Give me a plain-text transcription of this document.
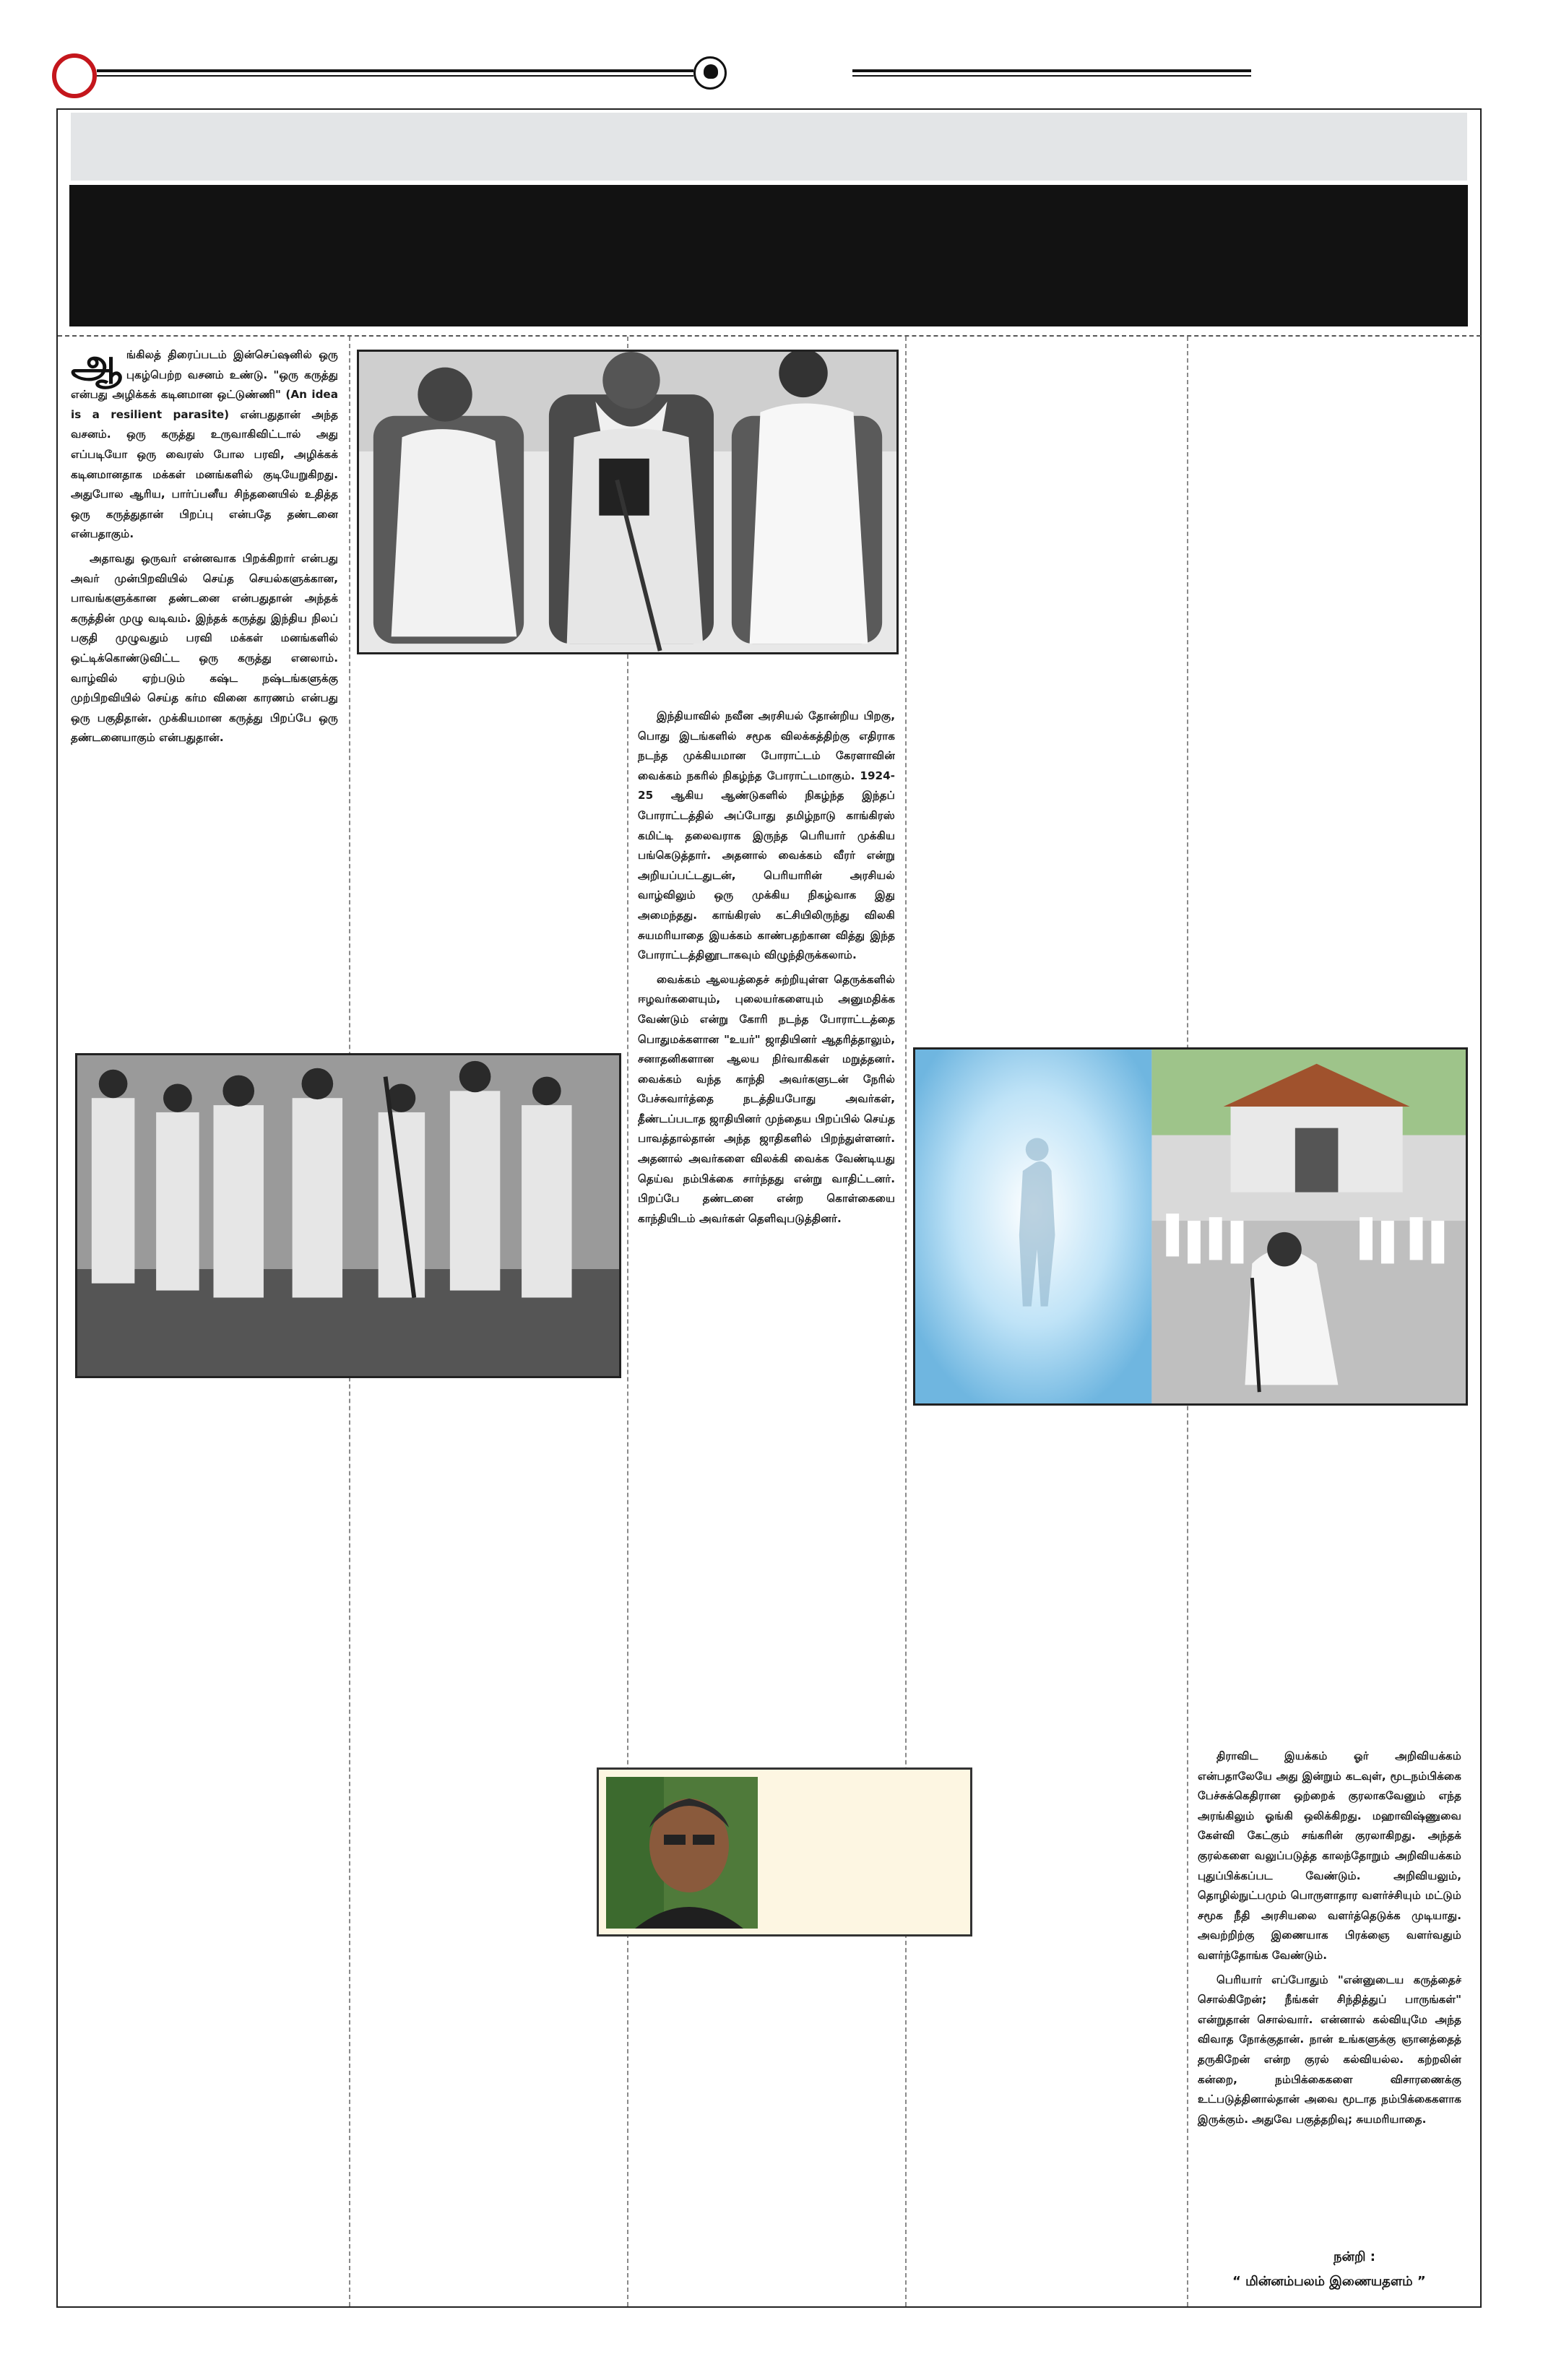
ஆ ங்கிலத் திரைப்படம் இன்செப்ஷனில் ஒரு புகழ்பெற்ற வசனம் உண்டு. "ஒரு கருத்து என்பது அழிக்கக் கடினமான ஒட்டுண்ணி" (An idea is a resilient parasite) என்பதுதான் அந்த வசனம். ஒரு கருத்து உருவாகிவிட்டால் அது எப்படியோ ஒரு வைரஸ் போல பரவி, அழிக்கக் கடினமானதாக மக்கள் மனங்களில் குடியேறுகிறது. அதுபோல ஆரிய, பார்ப்பனீய சிந்தனையில் உதித்த ஒரு கருத்துதான் பிறப்பு என்பதே தண்டனை என்பதாகும்.

அதாவது ஒருவர் என்னவாக பிறக்கிறார் என்பது அவர் முன்பிறவியில் செய்த செயல்களுக்கான, பாவங்களுக்கான தண்டனை என்பதுதான் அந்தக் கருத்தின் முழு வடிவம். இந்தக் கருத்து இந்திய நிலப் பகுதி முழுவதும் பரவி மக்கள் மனங்களில் ஒட்டிக்கொண்டுவிட்ட ஒரு கருத்து எனலாம். வாழ்வில் ஏற்படும் கஷ்ட நஷ்டங்களுக்கு முற்பிறவியில் செய்த கர்ம வினை காரணம் என்பது ஒரு பகுதிதான். முக்கியமான கருத்து பிறப்பே ஒரு தண்டனையாகும் என்பதுதான்.

இந்தியாவில் நவீன அரசியல் தோன்றிய பிறகு, பொது இடங்களில் சமூக விலக்கத்திற்கு எதிராக நடந்த முக்கியமான போராட்டம் கேரளாவின் வைக்கம் நகரில் நிகழ்ந்த போராட்டமாகும். 1924-25 ஆகிய ஆண்டுகளில் நிகழ்ந்த இந்தப் போராட்டத்தில் அப்போது தமிழ்நாடு காங்கிரஸ் கமிட்டி தலைவராக இருந்த பெரியார் முக்கிய பங்கெடுத்தார். அதனால் வைக்கம் வீரர் என்று அறியப்பட்டதுடன், பெரியாரின் அரசியல் வாழ்விலும் ஒரு முக்கிய நிகழ்வாக இது அமைந்தது. காங்கிரஸ் கட்சியிலிருந்து விலகி சுயமரியாதை இயக்கம் காண்பதற்கான வித்து இந்த போராட்டத்தினூடாகவும் விழுந்திருக்கலாம்.

வைக்கம் ஆலயத்தைச் சுற்றியுள்ள தெருக்களில் ஈழவர்களையும், புலையர்களையும் அனுமதிக்க வேண்டும் என்று கோரி நடந்த போராட்டத்தை பொதுமக்களான "உயர்" ஜாதியினர் ஆதரித்தாலும், சனாதனிகளான ஆலய நிர்வாகிகள் மறுத்தனர். வைக்கம் வந்த காந்தி அவர்களுடன் நேரில் பேச்சுவார்த்தை நடத்தியபோது அவர்கள், தீண்டப்படாத ஜாதியினர் முந்தைய பிறப்பில் செய்த பாவத்தால்தான் அந்த ஜாதிகளில் பிறந்துள்ளனர். அதனால் அவர்களை விலக்கி வைக்க வேண்டியது தெய்வ நம்பிக்கை சார்ந்தது என்று வாதிட்டனர். பிறப்பே தண்டனை என்ற கொள்கையை காந்தியிடம் அவர்கள் தெளிவுபடுத்தினர்.

திராவிட இயக்கம் ஓர் அறிவியக்கம் என்பதாலேயே அது இன்றும் கடவுள், மூடநம்பிக்கை பேச்சுக்கெதிரான ஒற்றைக் குரலாகவேனும் எந்த அரங்கிலும் ஓங்கி ஒலிக்கிறது. மஹாவிஷ்ணுவை கேள்வி கேட்கும் சங்கரின் குரலாகிறது. அந்தக் குரல்களை வலுப்படுத்த காலந்தோறும் அறிவியக்கம் புதுப்பிக்கப்பட வேண்டும். அறிவியலும், தொழில்நுட்பமும் பொருளாதார வளர்ச்சியும் மட்டும் சமூக நீதி அரசியலை வளர்த்தெடுக்க முடியாது. அவற்றிற்கு இணையாக பிரக்ஞை வளர்வதும் வளர்ந்தோங்க வேண்டும்.

பெரியார் எப்போதும் "என்னுடைய கருத்தைச் சொல்கிறேன்; நீங்கள் சிந்தித்துப் பாருங்கள்" என்றுதான் சொல்வார். என்னால் கல்வியுமே அந்த விவாத நோக்குதான். நான் உங்களுக்கு ஞானத்தைத் தருகிறேன் என்ற குரல் கல்வியல்ல. கற்றலின் கன்றை, நம்பிக்கைகளை விசாரணைக்கு உட்படுத்தினால்தான் அவை மூடாத நம்பிக்கைகளாக இருக்கும். அதுவே பகுத்தறிவு; சுயமரியாதை.

நன்றி :
“ மின்னம்பலம் இணையதளம் ”
